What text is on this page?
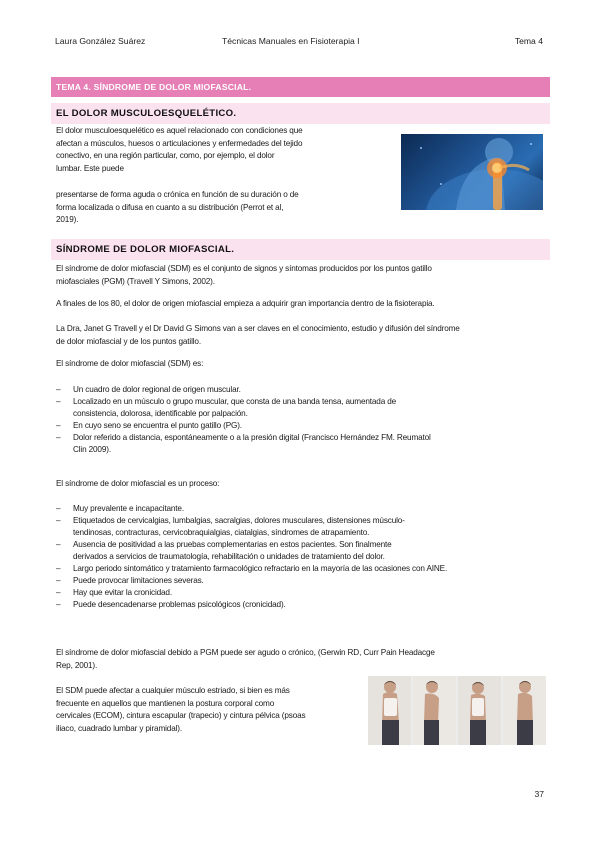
Laura González Suárez	Técnicas Manuales en Fisioterapia I	Tema 4
TEMA 4. SÍNDROME DE DOLOR MIOFASCIAL.
EL DOLOR MUSCULOESQUELÉTICO.
El dolor musculoesquelético es aquel relacionado con condiciones que
afectan a músculos, huesos o articulaciones y enfermedades del tejido
conectivo, en una región particular, como, por ejemplo, el dolor
lumbar. Este puede
presentarse de forma aguda o crónica en función de su duración o de
forma localizada o difusa en cuanto a su distribución (Perrot et al,
2019).
SÍNDROME DE DOLOR MIOFASCIAL.
El síndrome de dolor miofascial (SDM) es el conjunto de signos y síntomas producidos por los puntos gatillo
miofasciales (PGM) (Travell Y Simons, 2002).
A finales de los 80, el dolor de origen miofascial empieza a adquirir gran importancia dentro de la fisioterapia.
La Dra, Janet G Travell y el Dr David G Simons van a ser claves en el conocimiento, estudio y difusión del síndrome
de dolor miofascial y de los puntos gatillo.
El síndrome de dolor miofascial (SDM) es:
– Un cuadro de dolor regional de origen muscular.
– Localizado en un músculo o grupo muscular, que consta de una banda tensa, aumentada de
consistencia, dolorosa, identificable por palpación.
– En cuyo seno se encuentra el punto gatillo (PG).
– Dolor referido a distancia, espontáneamente o a la presión digital (Francisco Hernández FM. Reumatol
Clin 2009).
El síndrome de dolor miofascial es un proceso:
– Muy prevalente e incapacitante.
– Etiquetados de cervicalgias, lumbalgias, sacralgias, dolores musculares, distensiones músculo-
tendinosas, contracturas, cervicobraquialgias, ciatalgias, síndromes de atrapamiento.
– Ausencia de positividad a las pruebas complementarias en estos pacientes. Son finalmente
derivados a servicios de traumatología, rehabilitación o unidades de tratamiento del dolor.
– Largo periodo sintomático y tratamiento farmacológico refractario en la mayoría de las ocasiones con AINE.
– Puede provocar limitaciones severas.
– Hay que evitar la cronicidad.
– Puede desencadenarse problemas psicológicos (cronicidad).
El síndrome de dolor miofascial debido a PGM puede ser agudo o crónico, (Gerwin RD, Curr Pain Headacge
Rep, 2001).
El SDM puede afectar a cualquier músculo estriado, si bien es más
frecuente en aquellos que mantienen la postura corporal como
cervicales (ECOM), cintura escapular (trapecio) y cintura pélvica (psoas
iliaco, cuadrado lumbar y piramidal).
37
